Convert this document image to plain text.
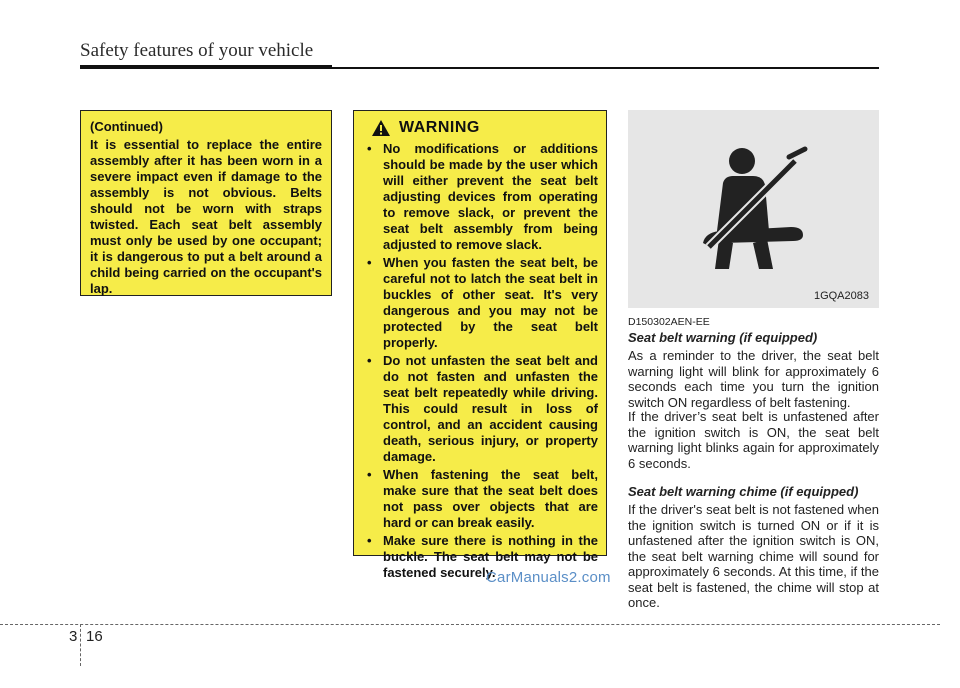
Safety features of your vehicle
(Continued)
It is essential to replace the entire assembly after it has been worn in a severe impact even if damage to the assembly is not obvious. Belts should not be worn with straps twisted. Each seat belt assembly must only be used by one occupant; it is dangerous to put a belt around a child being carried on the occupant's lap.
WARNING
• No modifications or additions should be made by the user which will either prevent the seat belt adjusting devices from operating to remove slack, or prevent the seat belt assembly from being adjusted to remove slack.
• When you fasten the seat belt, be careful not to latch the seat belt in buckles of other seat. It's very dangerous and you may not be protected by the seat belt properly.
• Do not unfasten the seat belt and do not fasten and unfasten the seat belt repeatedly while driving. This could result in loss of control, and an accident causing death, serious injury, or property damage.
• When fastening the seat belt, make sure that the seat belt does not pass over objects that are hard or can break easily.
• Make sure there is nothing in the buckle. The seat belt may not be fastened securely.
1GQA2083
D150302AEN-EE
Seat belt warning (if equipped)
As a reminder to the driver, the seat belt warning light will blink for approximately 6 seconds each time you turn the ignition switch ON regardless of belt fastening.
If the driver’s seat belt is unfastened after the ignition switch is ON, the seat belt warning light blinks again for approximately 6 seconds.
Seat belt warning chime (if equipped)
If the driver's seat belt is not fastened when the ignition switch is turned ON or if it is unfastened after the ignition switch is ON, the seat belt warning chime will sound for approximately 6 seconds. At this time, if the seat belt is fastened, the chime will stop at once.
CarManuals2.com
3 16
